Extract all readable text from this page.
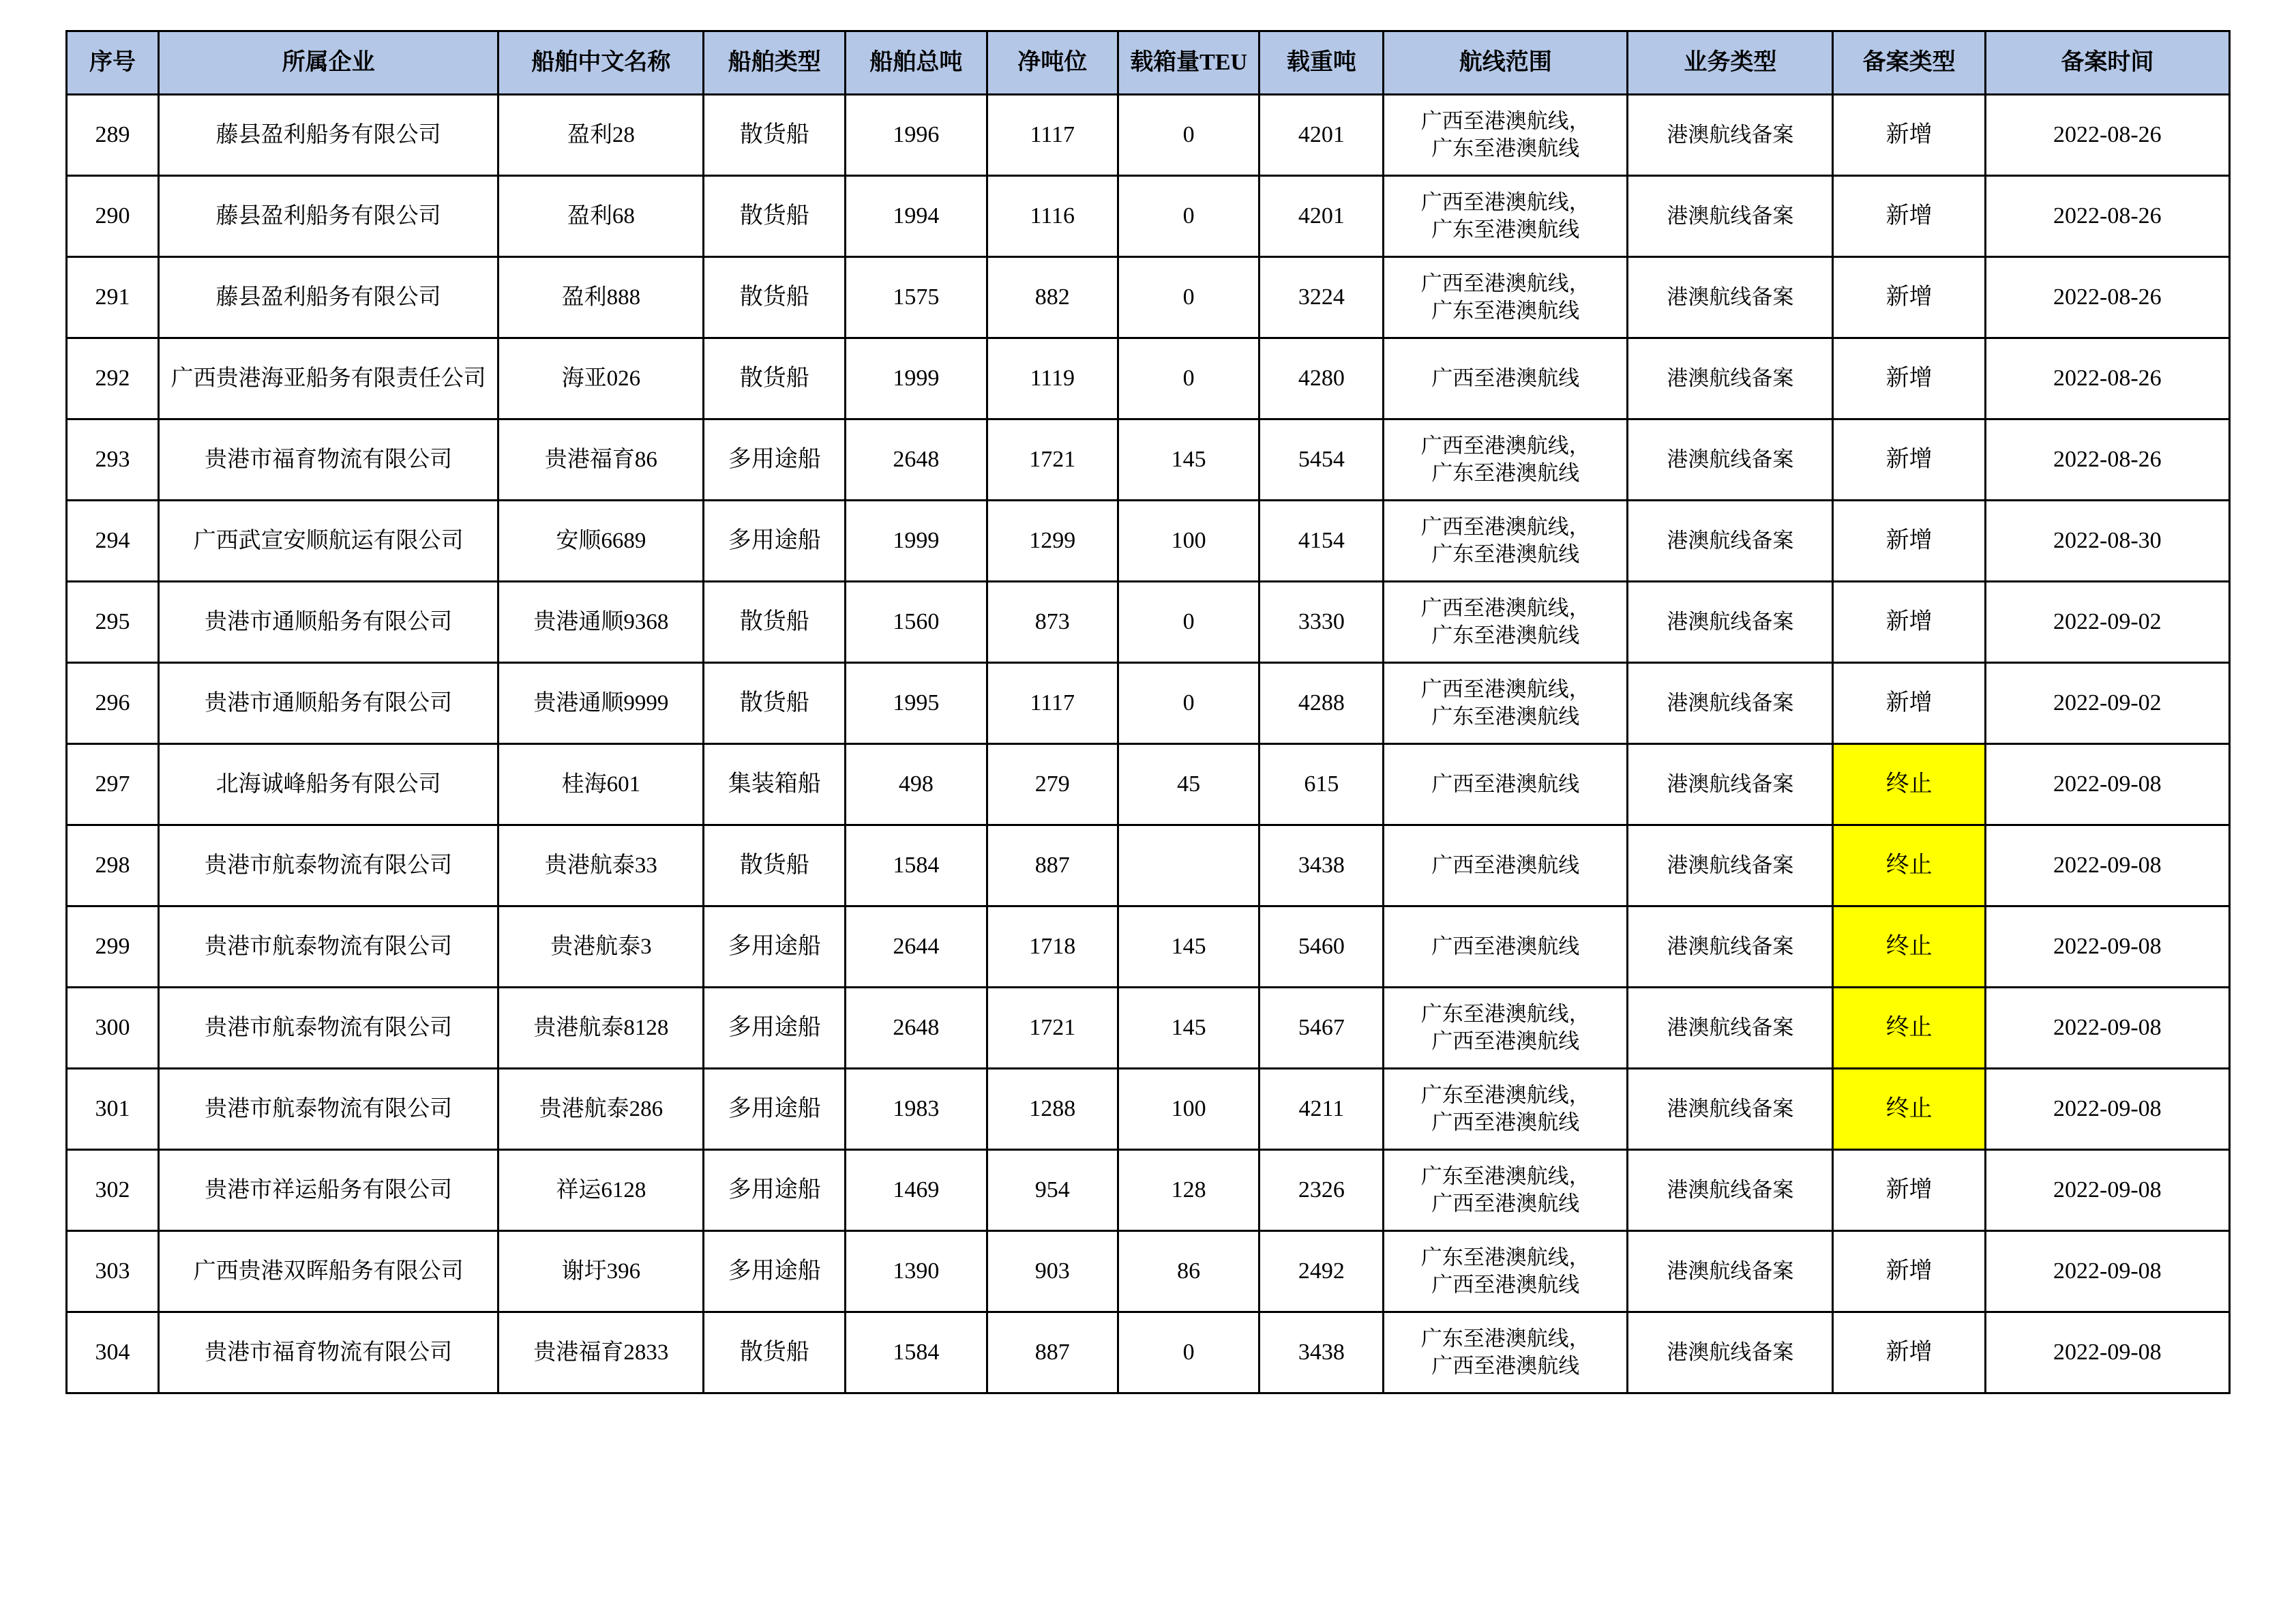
序号	所属企业	船舶中文名称	船舶类型	船舶总吨	净吨位	载箱量TEU	载重吨	航线范围	业务类型	备案类型	备案时间
289	藤县盈利船务有限公司	盈利28	散货船	1996	1117	0	4201	广西至港澳航线，
广东至港澳航线	港澳航线备案	新增	2022-08-26
290	藤县盈利船务有限公司	盈利68	散货船	1994	1116	0	4201	广西至港澳航线，
广东至港澳航线	港澳航线备案	新增	2022-08-26
291	藤县盈利船务有限公司	盈利888	散货船	1575	882	0	3224	广西至港澳航线，
广东至港澳航线	港澳航线备案	新增	2022-08-26
292	广西贵港海亚船务有限责任公司	海亚026	散货船	1999	1119	0	4280	广西至港澳航线	港澳航线备案	新增	2022-08-26
293	贵港市福育物流有限公司	贵港福育86	多用途船	2648	1721	145	5454	广西至港澳航线，
广东至港澳航线	港澳航线备案	新增	2022-08-26
294	广西武宣安顺航运有限公司	安顺6689	多用途船	1999	1299	100	4154	广西至港澳航线，
广东至港澳航线	港澳航线备案	新增	2022-08-30
295	贵港市通顺船务有限公司	贵港通顺9368	散货船	1560	873	0	3330	广西至港澳航线，
广东至港澳航线	港澳航线备案	新增	2022-09-02
296	贵港市通顺船务有限公司	贵港通顺9999	散货船	1995	1117	0	4288	广西至港澳航线，
广东至港澳航线	港澳航线备案	新增	2022-09-02
297	北海诚峰船务有限公司	桂海601	集装箱船	498	279	45	615	广西至港澳航线	港澳航线备案	终止	2022-09-08
298	贵港市航泰物流有限公司	贵港航泰33	散货船	1584	887		3438	广西至港澳航线	港澳航线备案	终止	2022-09-08
299	贵港市航泰物流有限公司	贵港航泰3	多用途船	2644	1718	145	5460	广西至港澳航线	港澳航线备案	终止	2022-09-08
300	贵港市航泰物流有限公司	贵港航泰8128	多用途船	2648	1721	145	5467	广东至港澳航线，
广西至港澳航线	港澳航线备案	终止	2022-09-08
301	贵港市航泰物流有限公司	贵港航泰286	多用途船	1983	1288	100	4211	广东至港澳航线，
广西至港澳航线	港澳航线备案	终止	2022-09-08
302	贵港市祥运船务有限公司	祥运6128	多用途船	1469	954	128	2326	广东至港澳航线，
广西至港澳航线	港澳航线备案	新增	2022-09-08
303	广西贵港双晖船务有限公司	谢圩396	多用途船	1390	903	86	2492	广东至港澳航线，
广西至港澳航线	港澳航线备案	新增	2022-09-08
304	贵港市福育物流有限公司	贵港福育2833	散货船	1584	887	0	3438	广东至港澳航线，
广西至港澳航线	港澳航线备案	新增	2022-09-08
